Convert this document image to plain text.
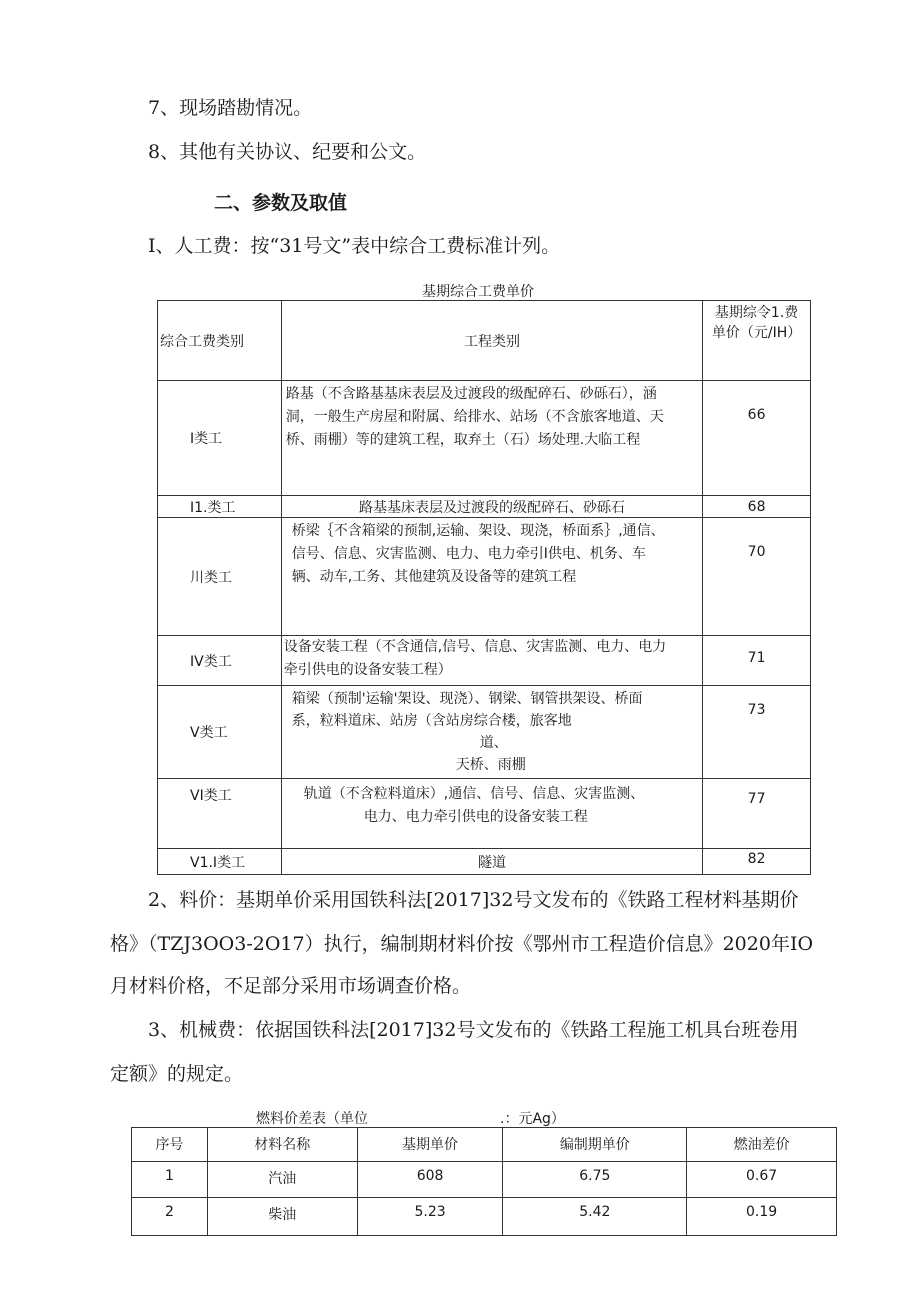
7、现场踏勘情况。

8、其他有关协议、纪要和公文。

二、参数及取值

I、人工费：按“31号文”表中综合工费标准计列。

基期综合工费单价

综合工费类别	工程类别	基期综令1.费
单价（元/IH）

I类工	路基（不含路基基床表层及过渡段的级配碎石、砂砾石），涵
洞，一般生产房屋和附属、给排水、站场（不含旅客地道、天
桥、雨棚）等的建筑工程，取弃土（石）场处理.大临工程	66
I1.类工	路基基床表层及过渡段的级配碎石、砂砾石	68
川类工	桥梁｛不含箱梁的预制,运输、架设、现浇，桥面系｝,通信、
信号、信息、灾害监测、电力、电力牵引I供电、机务、车
辆、动车,工务、其他建筑及设备等的建筑工程	70
IV类工	设备安装工程（不含通信,信号、信息、灾害监测、电力、电力
牵引供电的设备安装工程）	71
V类工	箱梁（预制'运输'架设、现浇）、钢梁、钢管拱架设、桥面
系，粒料道床、站房（含站房综合楼，旅客地
道、
天桥、雨棚	73
VI类工	轨道（不含粒料道床）,通信、信号、信息、灾害监测、
电力、电力牵引供电的设备安装工程	77
V1.I类工	隧道	82

2、料价：基期单价采用国铁科法[2017]32号文发布的《铁路工程材料基期价

格》（TZJ3OO3-2O17）执行，编制期材料价按《鄂州市工程造价信息》2020年IO

月材料价格，不足部分采用市场调查价格。

3、机械费：依据国铁科法[2017]32号文发布的《铁路工程施工机具台班卷用

定额》的规定。

燃料价差表（单位	.：元Ag）

序号	材料名称	基期单价	编制期单价	燃油差价
1	汽油	608	6.75	0.67
2	柴油	5.23	5.42	0.19
